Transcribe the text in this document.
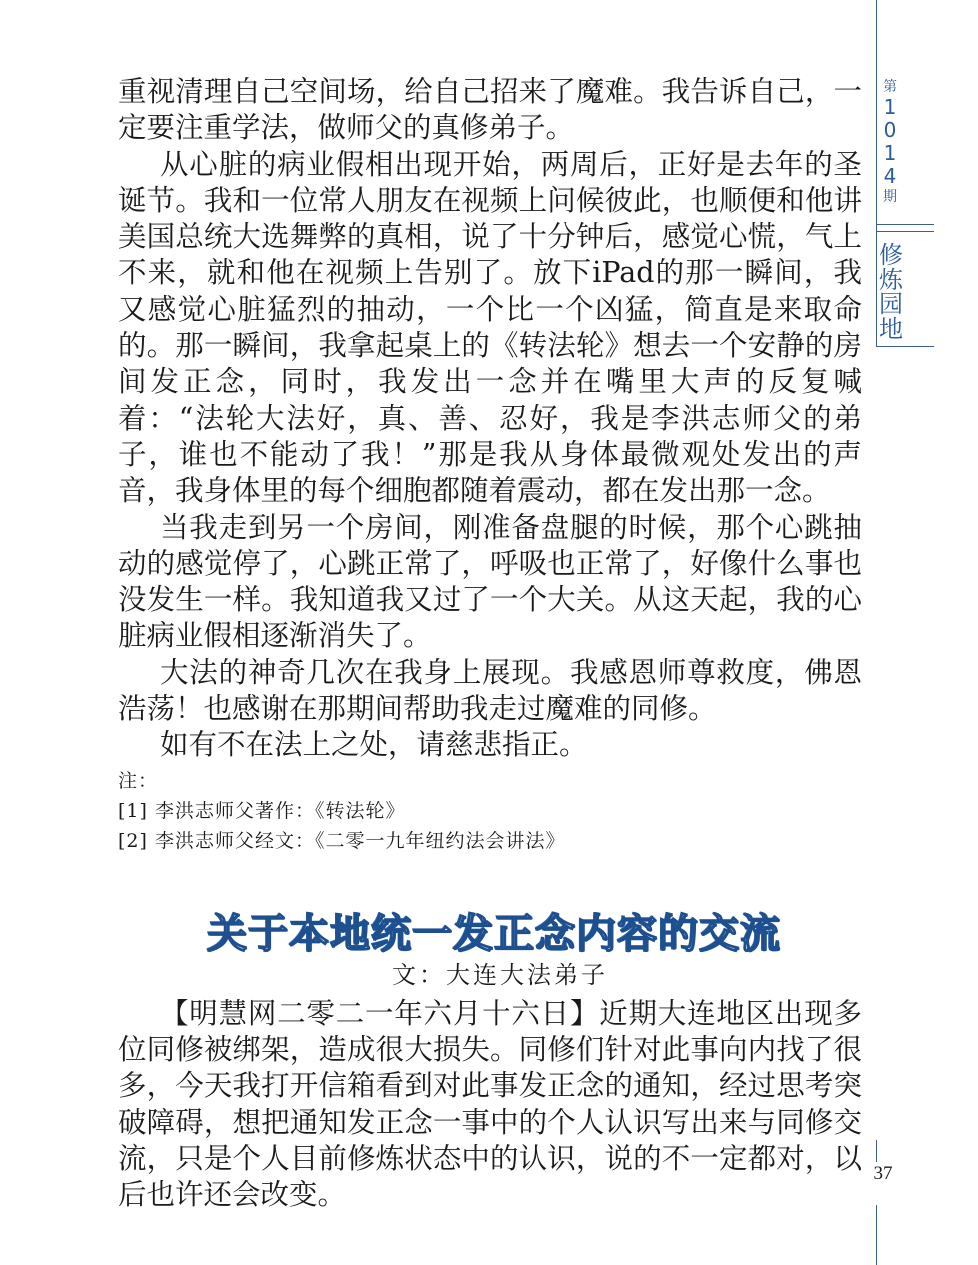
重视清理自己空间场，给自己招来了魔难。我告诉自己，一定要注重学法，做师父的真修弟子。

从心脏的病业假相出现开始，两周后，正好是去年的圣诞节。我和一位常人朋友在视频上问候彼此，也顺便和他讲美国总统大选舞弊的真相，说了十分钟后，感觉心慌，气上不来，就和他在视频上告别了。放下iPad的那一瞬间，我又感觉心脏猛烈的抽动，一个比一个凶猛，简直是来取命的。那一瞬间，我拿起桌上的《转法轮》想去一个安静的房间发正念，同时，我发出一念并在嘴里大声的反复喊着：“法轮大法好，真、善、忍好，我是李洪志师父的弟子，谁也不能动了我！”那是我从身体最微观处发出的声音，我身体里的每个细胞都随着震动，都在发出那一念。

当我走到另一个房间，刚准备盘腿的时候，那个心跳抽动的感觉停了，心跳正常了，呼吸也正常了，好像什么事也没发生一样。我知道我又过了一个大关。从这天起，我的心脏病业假相逐渐消失了。

大法的神奇几次在我身上展现。我感恩师尊救度，佛恩浩荡！也感谢在那期间帮助我走过魔难的同修。

如有不在法上之处，请慈悲指正。

注：

[1] 李洪志师父著作：《转法轮》

[2] 李洪志师父经文：《二零一九年纽约法会讲法》

关于本地统一发正念内容的交流

文：大连大法弟子

【明慧网二零二一年六月十六日】近期大连地区出现多位同修被绑架，造成很大损失。同修们针对此事向内找了很多，今天我打开信箱看到对此事发正念的通知，经过思考突破障碍，想把通知发正念一事中的个人认识写出来与同修交流，只是个人目前修炼状态中的认识，说的不一定都对，以后也许还会改变。

第
1
0
1
4
期
修
炼
园
地
37
